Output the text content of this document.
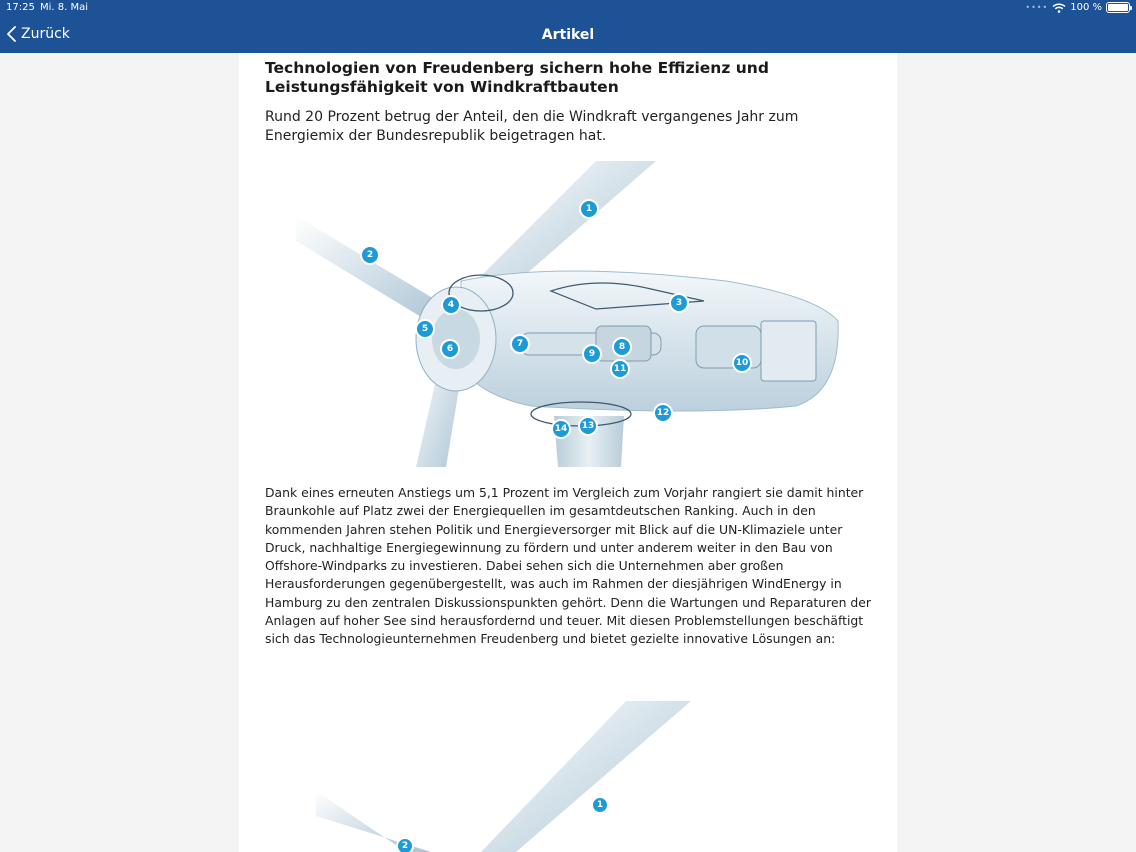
17:25 Mi. 8. Mai	•••• 100 %
Zurück	Artikel
Technologien von Freudenberg sichern hohe Effizienz und Leistungsfähigkeit von Windkraftbauten

Rund 20 Prozent betrug der Anteil, den die Windkraft vergangenes Jahr zum Energiemix der Bundesrepublik beigetragen hat.

1
2
3
4
5
6	7	8
9
10
11
12
13
14

Dank eines erneuten Anstiegs um 5,1 Prozent im Vergleich zum Vorjahr rangiert sie damit hinter Braunkohle auf Platz zwei der Energiequellen im gesamtdeutschen Ranking. Auch in den kommenden Jahren stehen Politik und Energieversorger mit Blick auf die UN-Klimaziele unter Druck, nachhaltige Energiegewinnung zu fördern und unter anderem weiter in den Bau von Offshore-Windparks zu investieren. Dabei sehen sich die Unternehmen aber großen Herausforderungen gegenübergestellt, was auch im Rahmen der diesjährigen WindEnergy in Hamburg zu den zentralen Diskussionspunkten gehört. Denn die Wartungen und Reparaturen der Anlagen auf hoher See sind herausfordernd und teuer. Mit diesen Problemstellungen beschäftigt sich das Technologieunternehmen Freudenberg und bietet gezielte innovative Lösungen an:

1
2
